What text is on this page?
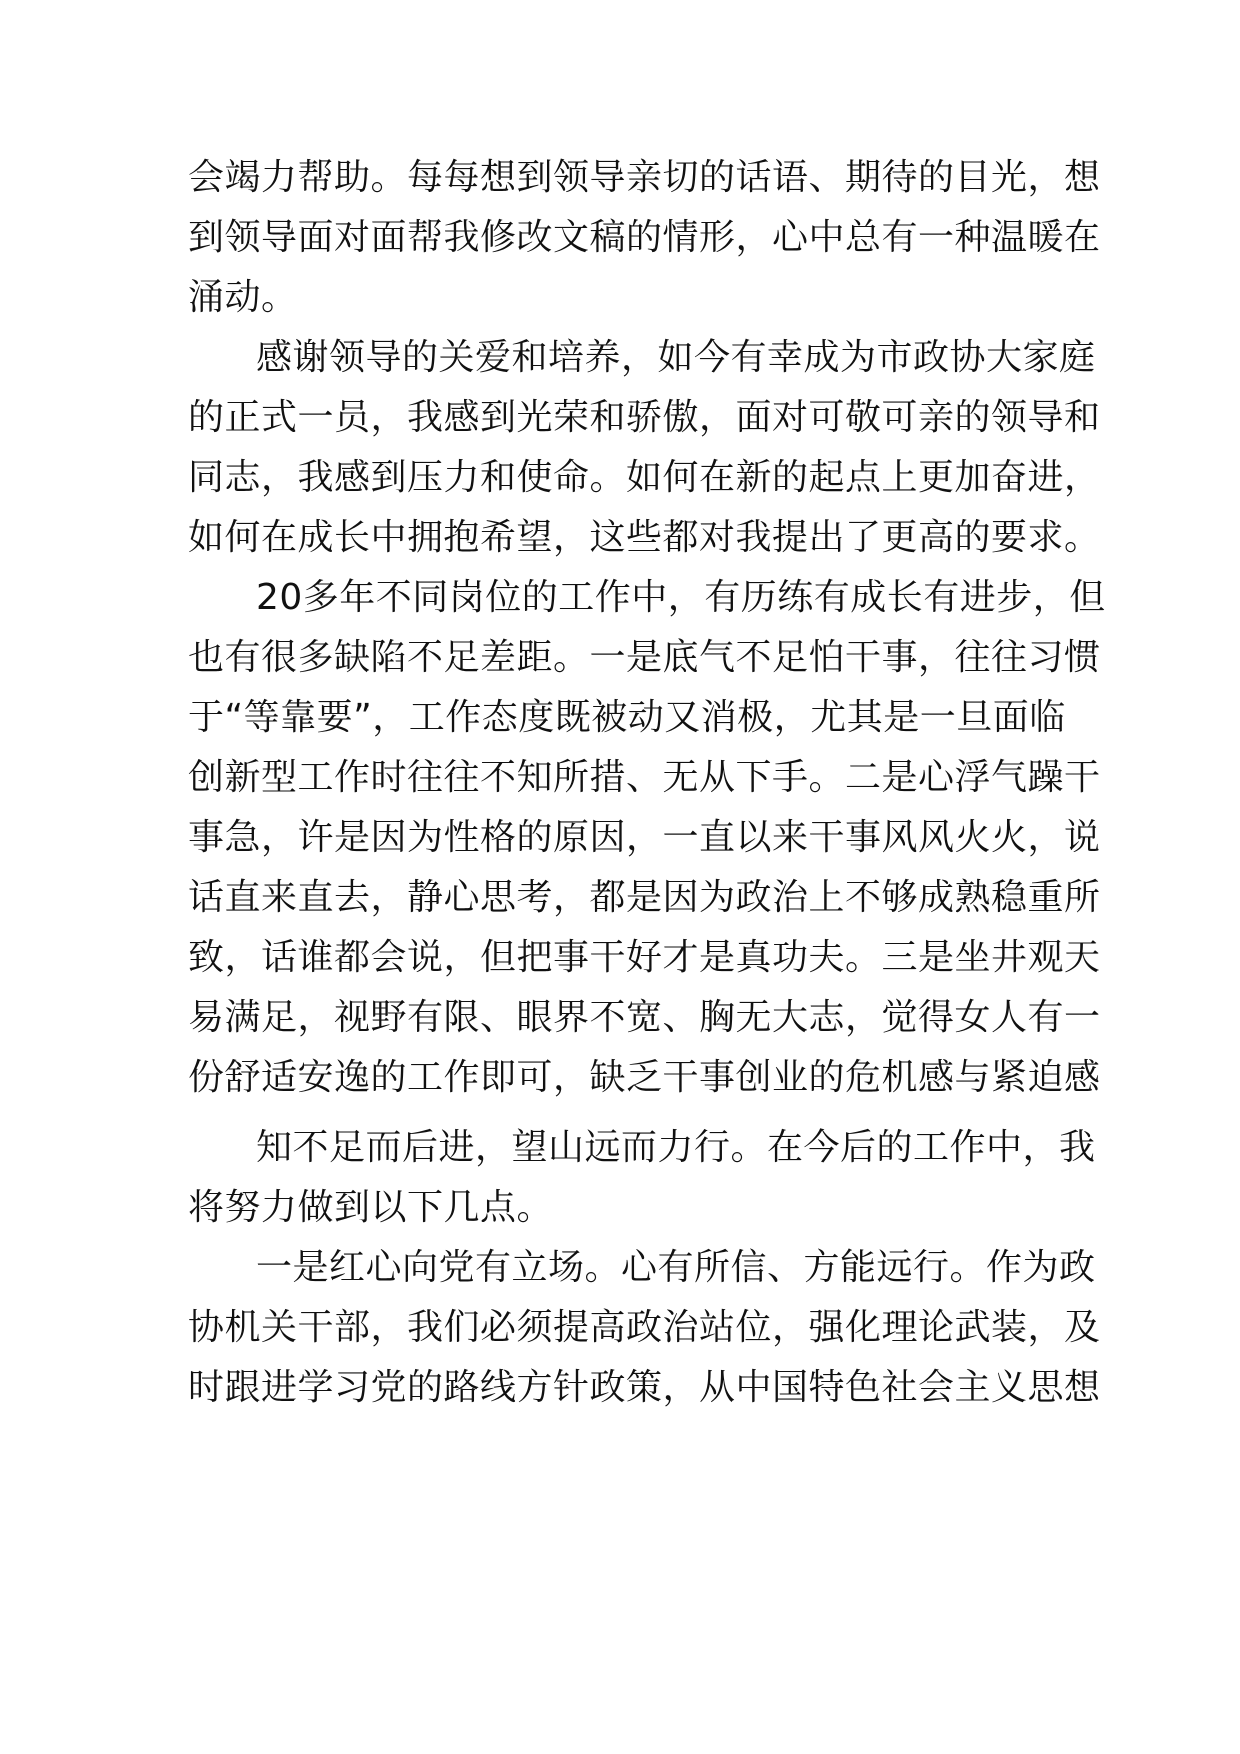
会竭力帮助。每每想到领导亲切的话语、期待的目光，想
到领导面对面帮我修改文稿的情形，心中总有一种温暖在
涌动。
感谢领导的关爱和培养，如今有幸成为市政协大家庭
的正式一员，我感到光荣和骄傲，面对可敬可亲的领导和
同志，我感到压力和使命。如何在新的起点上更加奋进，
如何在成长中拥抱希望，这些都对我提出了更高的要求。
20多年不同岗位的工作中，有历练有成长有进步，但
也有很多缺陷不足差距。一是底气不足怕干事，往往习惯
于“等靠要”，工作态度既被动又消极，尤其是一旦面临
创新型工作时往往不知所措、无从下手。二是心浮气躁干
事急，许是因为性格的原因，一直以来干事风风火火，说
话直来直去，静心思考，都是因为政治上不够成熟稳重所
致，话谁都会说，但把事干好才是真功夫。三是坐井观天
易满足，视野有限、眼界不宽、胸无大志，觉得女人有一
份舒适安逸的工作即可，缺乏干事创业的危机感与紧迫感
知不足而后进，望山远而力行。在今后的工作中，我
将努力做到以下几点。
一是红心向党有立场。心有所信、方能远行。作为政
协机关干部，我们必须提高政治站位，强化理论武装，及
时跟进学习党的路线方针政策，从中国特色社会主义思想
